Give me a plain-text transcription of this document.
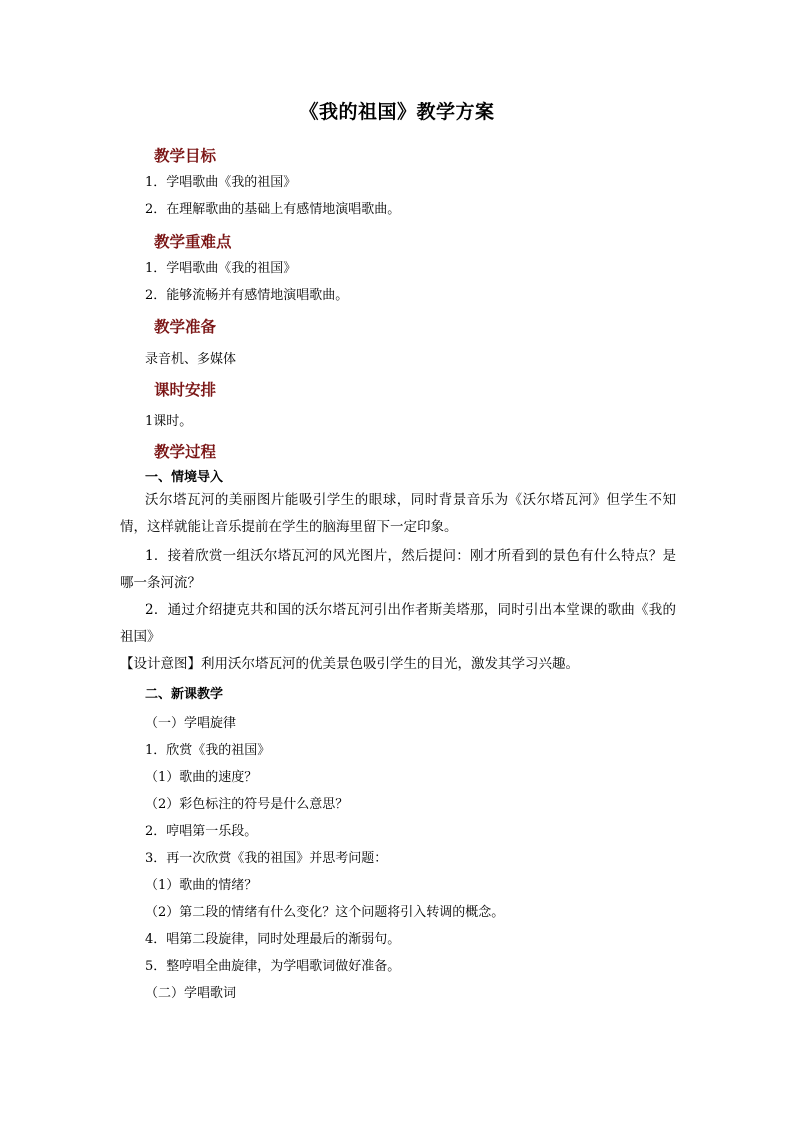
《我的祖国》教学方案
教学目标

1．学唱歌曲《我的祖国》

2．在理解歌曲的基础上有感情地演唱歌曲。

教学重难点

1．学唱歌曲《我的祖国》

2．能够流畅并有感情地演唱歌曲。

教学准备

录音机、多媒体

课时安排

1课时。

教学过程

一、情境导入

沃尔塔瓦河的美丽图片能吸引学生的眼球，同时背景音乐为《沃尔塔瓦河》但学生不知情，这样就能让音乐提前在学生的脑海里留下一定印象。

1．接着欣赏一组沃尔塔瓦河的风光图片，然后提问：刚才所看到的景色有什么特点？是哪一条河流？

2．通过介绍捷克共和国的沃尔塔瓦河引出作者斯美塔那，同时引出本堂课的歌曲《我的祖国》

【设计意图】利用沃尔塔瓦河的优美景色吸引学生的目光，激发其学习兴趣。

二、新课教学

（一）学唱旋律

1．欣赏《我的祖国》

（1）歌曲的速度？

（2）彩色标注的符号是什么意思？

2．哼唱第一乐段。

3．再一次欣赏《我的祖国》并思考问题：

（1）歌曲的情绪？

（2）第二段的情绪有什么变化？这个问题将引入转调的概念。

4．唱第二段旋律，同时处理最后的渐弱句。

5．整哼唱全曲旋律，为学唱歌词做好准备。

（二）学唱歌词
